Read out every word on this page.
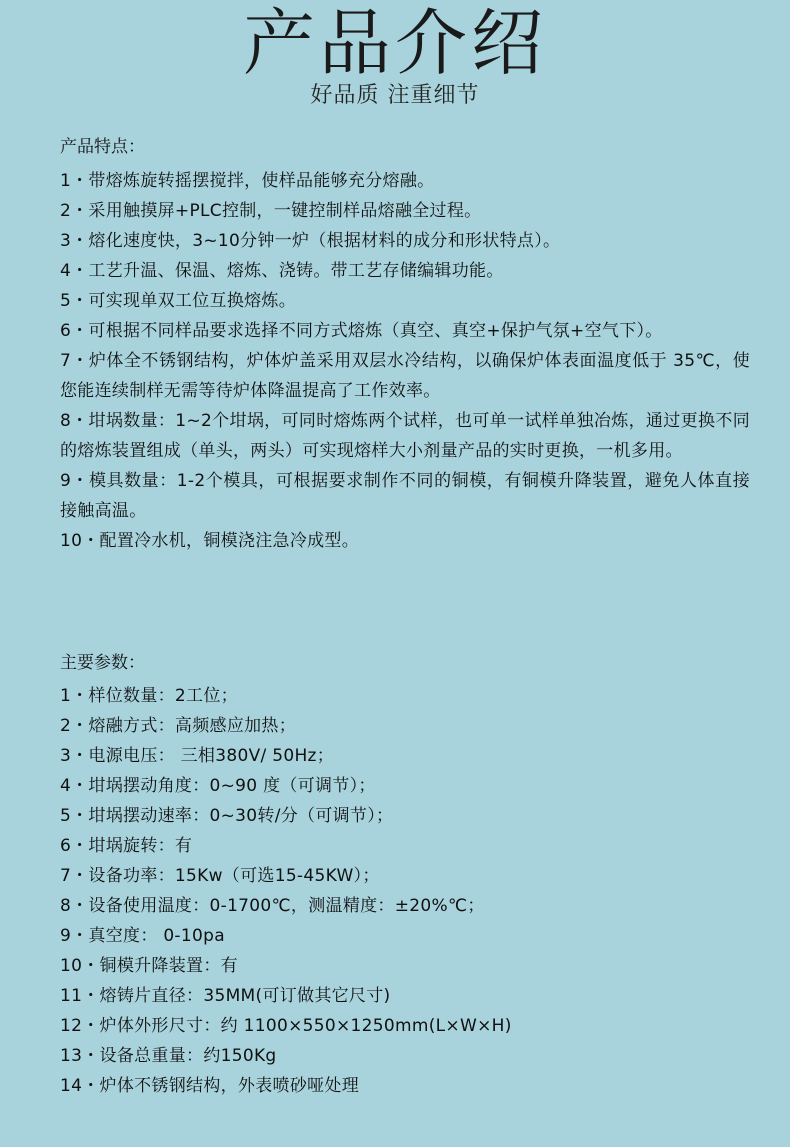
产品介绍
好品质 注重细节
产品特点：
1・带熔炼旋转摇摆搅拌，使样品能够充分熔融。
2・采用触摸屏+PLC控制，一键控制样品熔融全过程。
3・熔化速度快，3~10分钟一炉（根据材料的成分和形状特点）。
4・工艺升温、保温、熔炼、浇铸。带工艺存储编辑功能。
5・可实现单双工位互换熔炼。
6・可根据不同样品要求选择不同方式熔炼（真空、真空+保护气氛+空气下）。
7・炉体全不锈钢结构，炉体炉盖采用双层水冷结构，以确保炉体表面温度低于 35℃，使您能连续制样无需等待炉体降温提高了工作效率。
8・坩埚数量：1~2个坩埚，可同时熔炼两个试样，也可单一试样单独冶炼，通过更换不同的熔炼装置组成（单头，两头）可实现熔样大小剂量产品的实时更换，一机多用。
9・模具数量：1-2个模具，可根据要求制作不同的铜模，有铜模升降装置，避免人体直接接触高温。
10・配置冷水机，铜模浇注急冷成型。
主要参数：
1・样位数量：2工位；
2・熔融方式：高频感应加热；
3・电源电压： 三相380V/ 50Hz；
4・坩埚摆动角度：0~90 度（可调节）；
5・坩埚摆动速率：0~30转/分（可调节）；
6・坩埚旋转：有
7・设备功率：15Kw（可选15-45KW）；
8・设备使用温度：0-1700℃，测温精度：±20%℃；
9・真空度： 0-10pa
10・铜模升降装置：有
11・熔铸片直径：35MM(可订做其它尺寸)
12・炉体外形尺寸：约 1100×550×1250mm(L×W×H)
13・设备总重量：约150Kg
14・炉体不锈钢结构，外表喷砂哑处理
